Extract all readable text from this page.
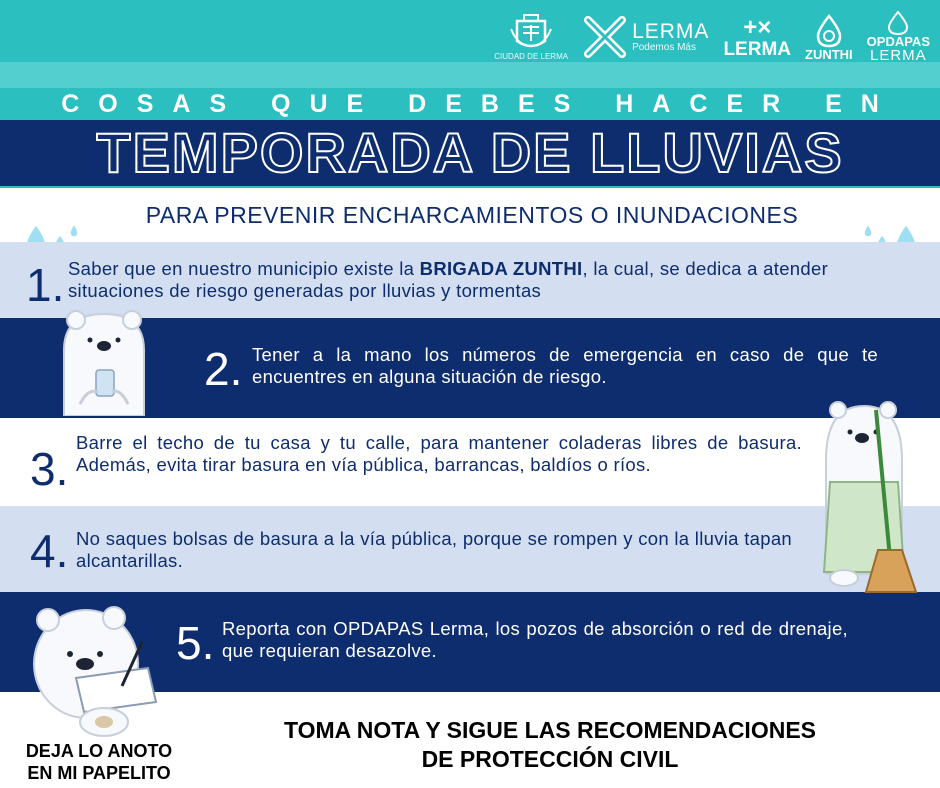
CIUDAD DE LERMA
LERMA
Podemos Más
+×
LERMA ZUNTHI
OPDAPAS
LERMA
COSAS QUE DEBES HACER EN
TEMPORADA DE LLUVIAS
PARA PREVENIR ENCHARCAMIENTOS O INUNDACIONES
1. Saber que en nuestro municipio existe la BRIGADA ZUNTHI, la cual, se dedica a atender situaciones de riesgo generadas por lluvias y tormentas

2. Tener a la mano los números de emergencia en caso de que te encuentres en alguna situación de riesgo.

3.

Barre el techo de tu casa y tu calle, para mantener coladeras libres de basura. Además, evita tirar basura en vía pública, barrancas, baldíos o ríos.

4. No saques bolsas de basura a la vía pública, porque se rompen y con la lluvia tapan alcantarillas.

5. Reporta con OPDAPAS Lerma, los pozos de absorción o red de drenaje, que requieran desazolve.

TOMA NOTA Y SIGUE LAS RECOMENDACIONES
DE PROTECCIÓN CIVIL
DEJA LO ANOTO
EN MI PAPELITO
